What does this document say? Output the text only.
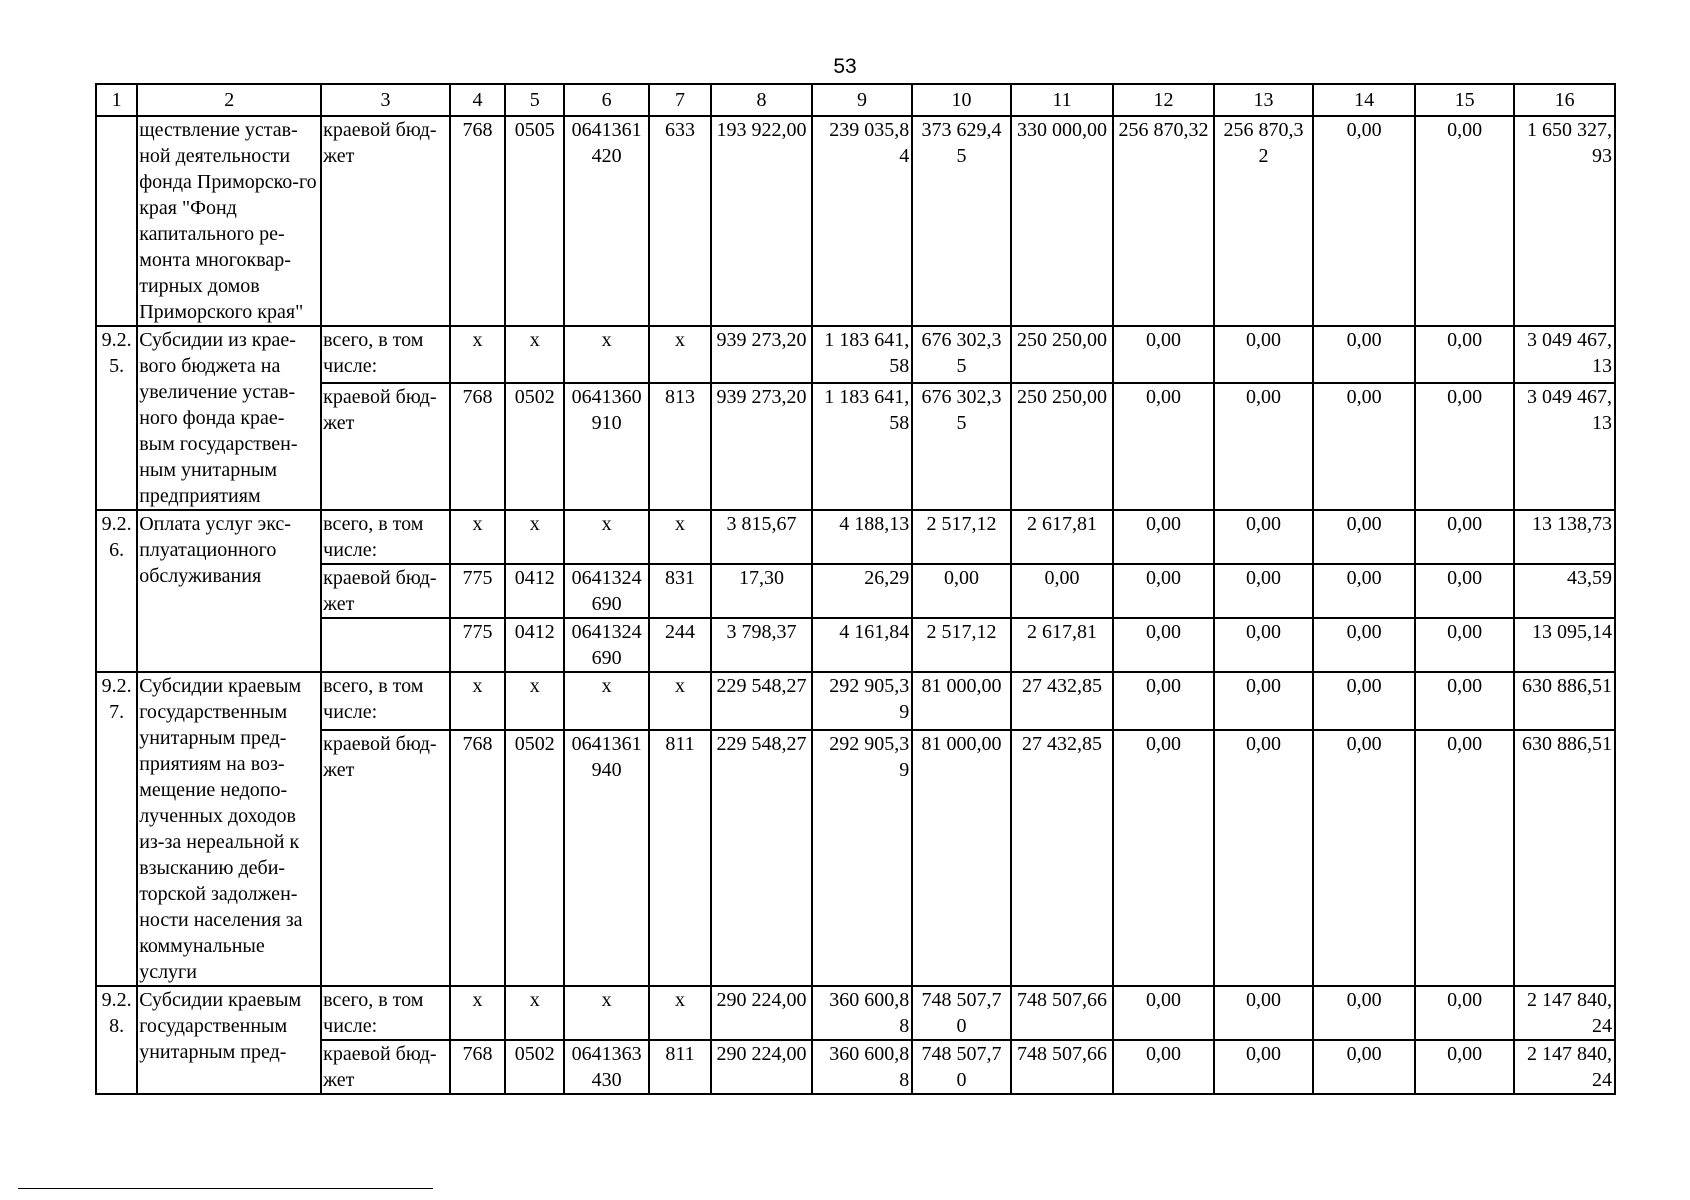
53
1	2	3	4	5	6	7	8	9	10	11	12	13	14	15	16
	ществление устав-ной деятельности фонда Приморско-го края "Фонд капитального ре-монта многоквар-тирных домов Приморского края"	краевой бюд-жет	768	0505	0641361 420	633	193 922,00	239 035,8 4	373 629,4 5	330 000,00	256 870,32	256 870,3 2	0,00	0,00	1 650 327, 93
9.2. 5.	Субсидии из крае-вого бюджета на увеличение устав-ного фонда крае-вым государствен-ным унитарным предприятиям	всего, в том числе:	x	x	x	x	939 273,20	1 183 641, 58	676 302,3 5	250 250,00	0,00	0,00	0,00	0,00	3 049 467, 13
		краевой бюд-жет	768	0502	0641360 910	813	939 273,20	1 183 641, 58	676 302,3 5	250 250,00	0,00	0,00	0,00	0,00	3 049 467, 13
9.2. 6.	Оплата услуг экс-плуатационного обслуживания	всего, в том числе:	x	x	x	x	3 815,67	4 188,13	2 517,12	2 617,81	0,00	0,00	0,00	0,00	13 138,73
		краевой бюд-жет	775	0412	0641324 690	831	17,30	26,29	0,00	0,00	0,00	0,00	0,00	0,00	43,59
			775	0412	0641324 690	244	3 798,37	4 161,84	2 517,12	2 617,81	0,00	0,00	0,00	0,00	13 095,14
9.2. 7.	Субсидии краевым государственным унитарным пред-приятиям на воз-мещение недопо-лученных доходов из-за нереальной к взысканию деби-торской задолжен-ности населения за коммунальные услуги	всего, в том числе:	x	x	x	x	229 548,27	292 905,3 9	81 000,00	27 432,85	0,00	0,00	0,00	0,00	630 886,51
		краевой бюд-жет	768	0502	0641361 940	811	229 548,27	292 905,3 9	81 000,00	27 432,85	0,00	0,00	0,00	0,00	630 886,51
9.2. 8.	Субсидии краевым государственным унитарным пред-	всего, в том числе:	x	x	x	x	290 224,00	360 600,8 8	748 507,7 0	748 507,66	0,00	0,00	0,00	0,00	2 147 840, 24
		краевой бюд-жет	768	0502	0641363 430	811	290 224,00	360 600,8 8	748 507,7 0	748 507,66	0,00	0,00	0,00	0,00	2 147 840, 24
